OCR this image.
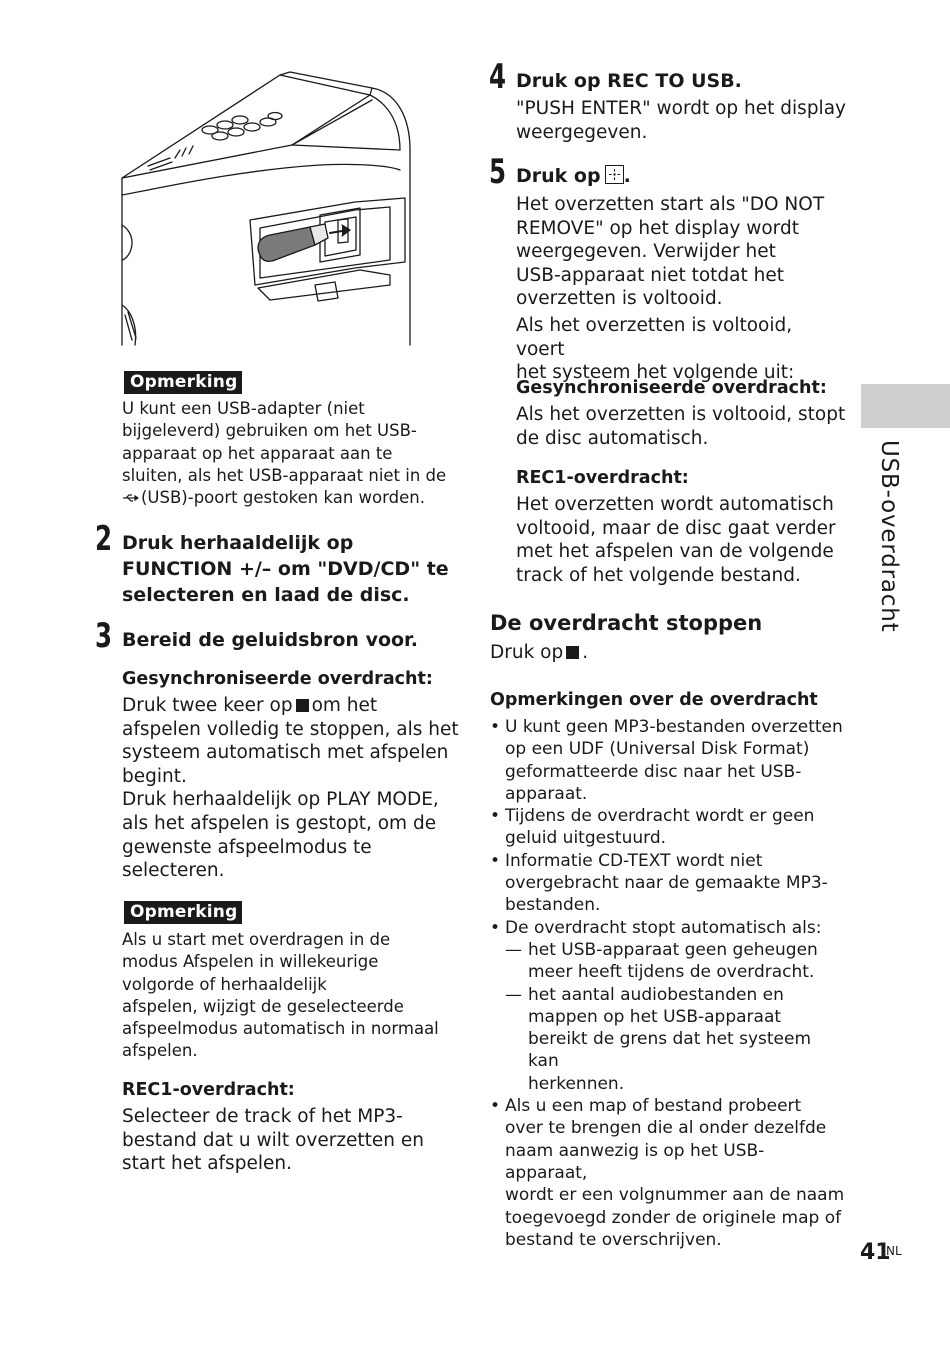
Opmerking
U kunt een USB-adapter (niet
bijgeleverd) gebruiken om het USB-
apparaat op het apparaat aan te
sluiten, als het USB-apparaat niet in de
(USB)-poort gestoken kan worden.
2 Druk herhaaldelijk op
FUNCTION +/– om "DVD/CD" te
selecteren en laad de disc.
3 Bereid de geluidsbron voor.
Gesynchroniseerde overdracht:
Druk twee keer op om het
afspelen volledig te stoppen, als het
systeem automatisch met afspelen
begint.
Druk herhaaldelijk op PLAY MODE,
als het afspelen is gestopt, om de
gewenste afspeelmodus te
selecteren.
Opmerking
Als u start met overdragen in de
modus Afspelen in willekeurige
volgorde of herhaaldelijk
afspelen, wijzigt de geselecteerde
afspeelmodus automatisch in normaal
afspelen.
REC1-overdracht:
Selecteer de track of het MP3-
bestand dat u wilt overzetten en
start het afspelen.
4 Druk op REC TO USB.
"PUSH ENTER" wordt op het display
weergegeven.
5 Druk op .
Het overzetten start als "DO NOT
REMOVE" op het display wordt
weergegeven. Verwijder het
USB-apparaat niet totdat het
overzetten is voltooid.
Als het overzetten is voltooid, voert
het systeem het volgende uit:
Gesynchroniseerde overdracht:
Als het overzetten is voltooid, stopt
de disc automatisch.
REC1-overdracht:
Het overzetten wordt automatisch
voltooid, maar de disc gaat verder
met het afspelen van de volgende
track of het volgende bestand.
De overdracht stoppen
Druk op .
Opmerkingen over de overdracht
• U kunt geen MP3-bestanden overzetten
op een UDF (Universal Disk Format)
geformatteerde disc naar het USB-
apparaat.
• Tijdens de overdracht wordt er geen
geluid uitgestuurd.
• Informatie CD-TEXT wordt niet
overgebracht naar de gemaakte MP3-
bestanden.
• De overdracht stopt automatisch als:
— het USB-apparaat geen geheugen
meer heeft tijdens de overdracht.
— het aantal audiobestanden en
mappen op het USB-apparaat
bereikt de grens dat het systeem kan
herkennen.
• Als u een map of bestand probeert
over te brengen die al onder dezelfde
naam aanwezig is op het USB-apparaat,
wordt er een volgnummer aan de naam
toegevoegd zonder de originele map of
bestand te overschrijven.
USB-overdracht
41
NL
